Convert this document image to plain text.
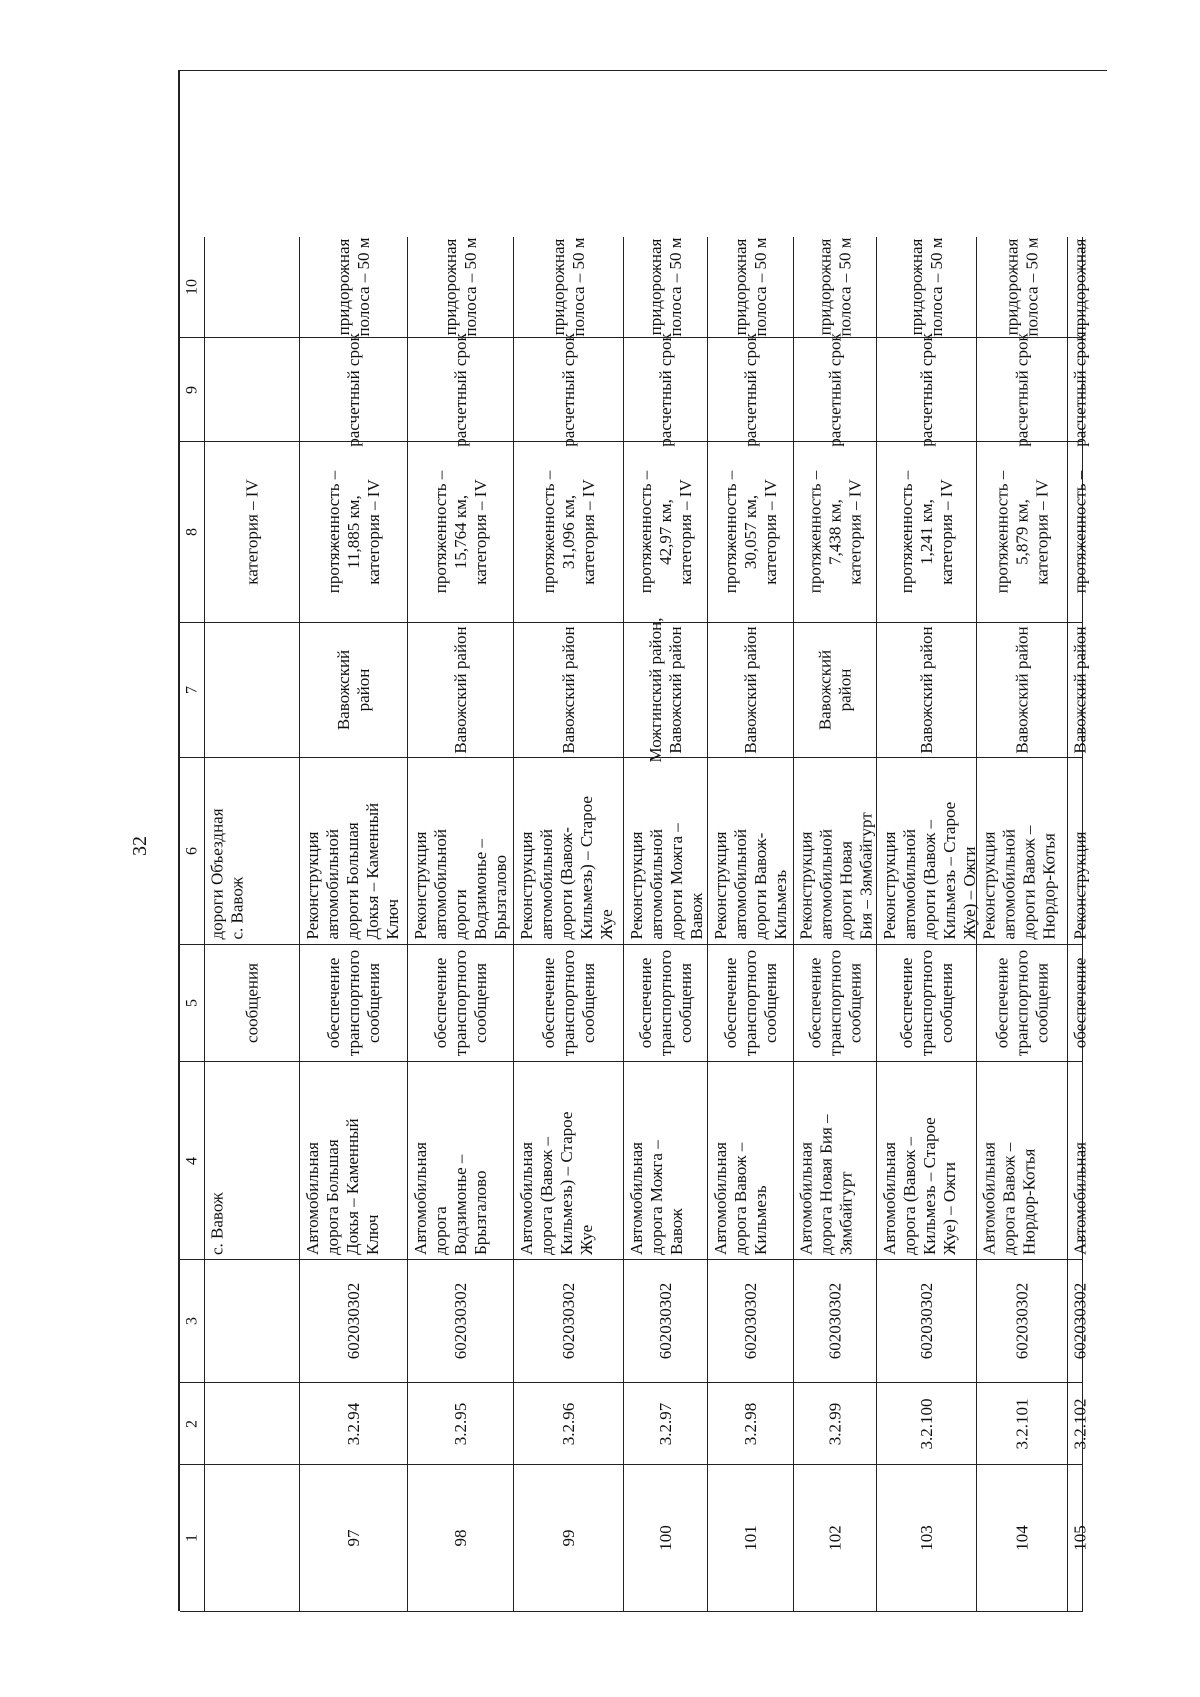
32
1
2
3
4
5
6
7
8
9
10
с. Вавож
сообщения
дороги Объездная с. Вавож
категория – IV
97
3.2.94
602030302
Автомобильная дорога Большая Докья – Каменный Ключ
обеспечение транспортного сообщения
Реконструкция автомобильной дороги Большая Докья – Каменный Ключ
Вавожский район
протяженность – 11,885 км, категория – IV
расчетный срок
придорожная полоса – 50 м
98
3.2.95
602030302
Автомобильная дорога Водзимонье – Брызгалово
обеспечение транспортного сообщения
Реконструкция автомобильной дороги Водзимонье – Брызгалово
Вавожский район
протяженность – 15,764 км, категория – IV
расчетный срок
придорожная полоса – 50 м
99
3.2.96
602030302
Автомобильная дорога (Вавож – Кильмезь) – Старое Жуе
обеспечение транспортного сообщения
Реконструкция автомобильной дороги (Вавож- Кильмезь) – Старое Жуе
Вавожский район
протяженность – 31,096 км, категория – IV
расчетный срок
придорожная полоса – 50 м
100
3.2.97
602030302
Автомобильная дорога Можга – Вавож
обеспечение транспортного сообщения
Реконструкция автомобильной дороги Можга – Вавож
Можгинский район, Вавожский район
протяженность – 42,97 км, категория – IV
расчетный срок
придорожная полоса – 50 м
101
3.2.98
602030302
Автомобильная дорога Вавож – Кильмезь
обеспечение транспортного сообщения
Реконструкция автомобильной дороги Вавож- Кильмезь
Вавожский район
протяженность – 30,057 км, категория – IV
расчетный срок
придорожная полоса – 50 м
102
3.2.99
602030302
Автомобильная дорога Новая Бия – Зямбайгурт
обеспечение транспортного сообщения
Реконструкция автомобильной дороги Новая Бия – Зямбайгурт
Вавожский район
протяженность – 7,438 км, категория – IV
расчетный срок
придорожная полоса – 50 м
103
3.2.100
602030302
Автомобильная дорога (Вавож – Кильмезь – Старое Жуе) – Ожги
обеспечение транспортного сообщения
Реконструкция автомобильной дороги (Вавож – Кильмезь – Старое Жуе) – Ожги
Вавожский район
протяженность – 1,241 км, категория – IV
расчетный срок
придорожная полоса – 50 м
104
3.2.101
602030302
Автомобильная дорога Вавож – Нюрдор-Котья
обеспечение транспортного сообщения
Реконструкция автомобильной дороги Вавож – Нюрдор-Котья
Вавожский район
протяженность – 5,879 км, категория – IV
расчетный срок
придорожная полоса – 50 м
105
3.2.102
602030302
Автомобильная
обеспечение
Реконструкция
Вавожский район
протяженность –
расчетный срок
придорожная
